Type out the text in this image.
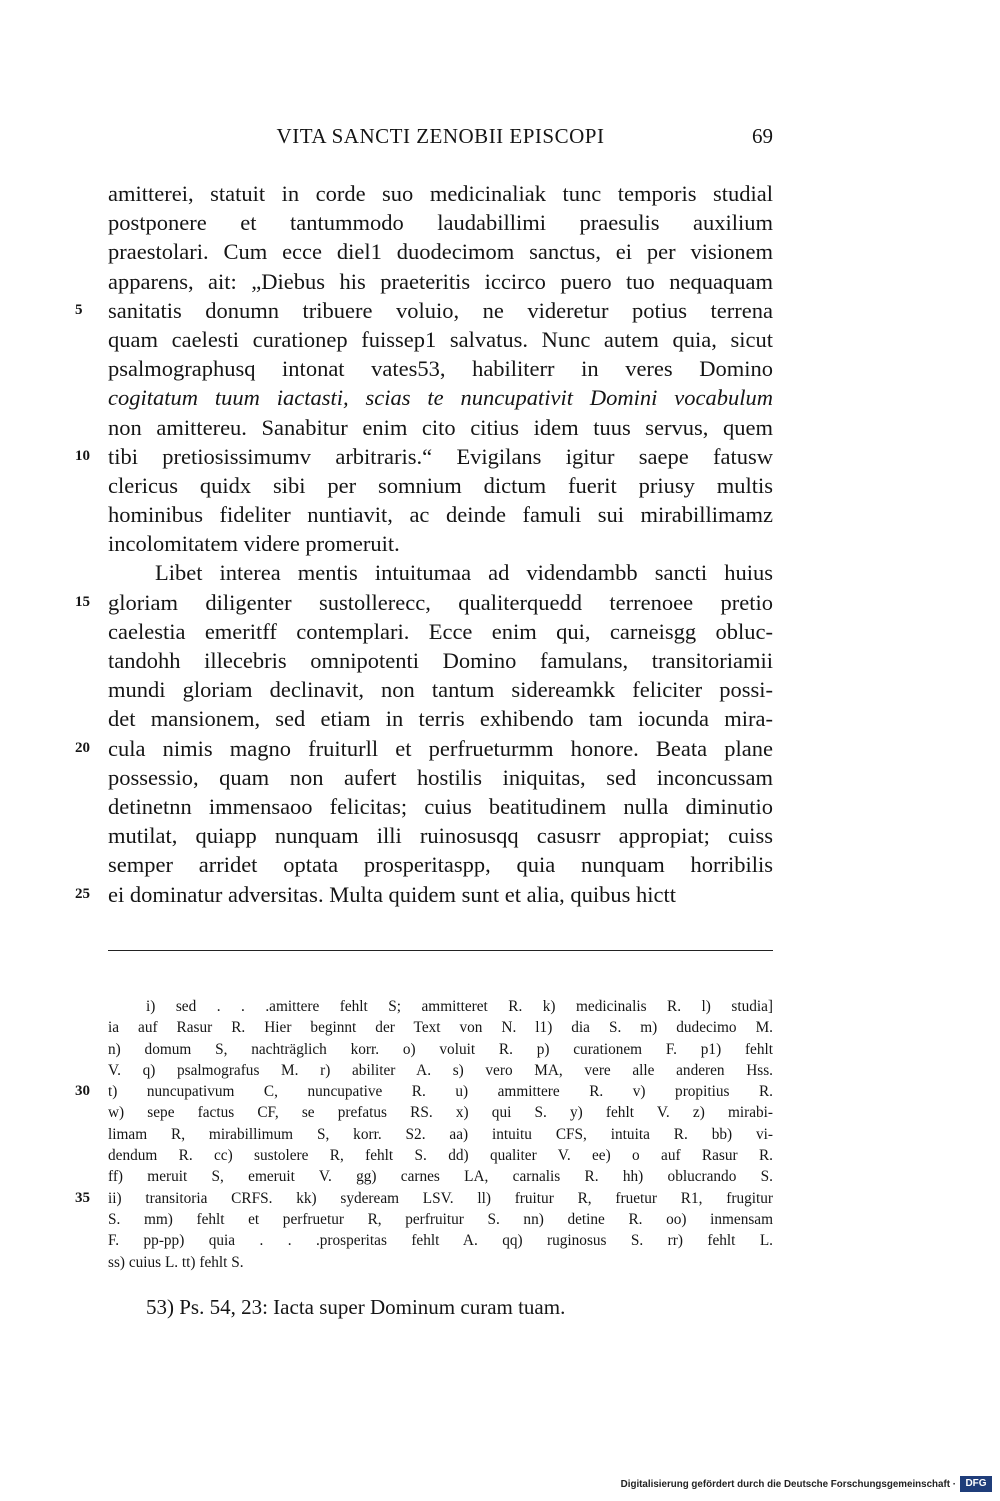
VITA SANCTI ZENOBII EPISCOPI	69
amitterei, statuit in corde suo medicinaliak tunc temporis studial
postponere et tantummodo laudabillimi praesulis auxilium
praestolari. Cum ecce diel1 duodecimom sanctus, ei per visionem
apparens, ait: „Diebus his praeteritis iccirco puero tuo nequaquam
5 sanitatis donumn tribuere voluio, ne videretur potius terrena
quam caelesti curationep fuissep1 salvatus. Nunc autem quia, sicut
psalmographusq intonat vates53, habiliterr in veres Domino
cogitatum tuum iactasti, scias te nuncupativit Domini vocabulum
non amittereu. Sanabitur enim cito citius idem tuus servus, quem
10 tibi pretiosissimumv arbitraris.“ Evigilans igitur saepe fatusw
clericus quidx sibi per somnium dictum fuerit priusy multis
hominibus fideliter nuntiavit, ac deinde famuli sui mirabillimamz
incolomitatem videre promeruit.
Libet interea mentis intuitumaa ad videndambb sancti huius
15 gloriam diligenter sustollerecc, qualiterquedd terrenoee pretio
caelestia emeritff contemplari. Ecce enim qui, carneisgg obluc-
tandohh illecebris omnipotenti Domino famulans, transitoriamii
mundi gloriam declinavit, non tantum sidereamkk feliciter possi-
det mansionem, sed etiam in terris exhibendo tam iocunda mira-
20 cula nimis magno fruiturll et perfrueturmm honore. Beata plane
possessio, quam non aufert hostilis iniquitas, sed inconcussam
detinetnn immensaoo felicitas; cuius beatitudinem nulla diminutio
mutilat, quiapp nunquam illi ruinosusqq casusrr appropiat; cuiss
semper arridet optata prosperitaspp, quia nunquam horribilis
25 ei dominatur adversitas. Multa quidem sunt et alia, quibus hictt
i) sed . . .amittere fehlt S; ammitteret R. k) medicinalis R. l) studia]
ia auf Rasur R. Hier beginnt der Text von N. l1) dia S. m) dudecimo M.
n) domum S, nachträglich korr. o) voluit R. p) curationem F. p1) fehlt
V. q) psalmografus M. r) abiliter A. s) vero MA, vere alle anderen Hss.
30 t) nuncupativum C, nuncupative R. u) ammittere R. v) propitius R.
w) sepe factus CF, se prefatus RS. x) qui S. y) fehlt V. z) mirabi-
limam R, mirabillimum S, korr. S2. aa) intuitu CFS, intuita R. bb) vi-
dendum R. cc) sustolere R, fehlt S. dd) qualiter V. ee) o auf Rasur R.
ff) meruit S, emeruit V. gg) carnes LA, carnalis R. hh) oblucrando S.
35 ii) transitoria CRFS. kk) sydeream LSV. ll) fruitur R, fruetur R1, frugitur
S. mm) fehlt et perfruetur R, perfruitur S. nn) detine R. oo) inmensam
F. pp-pp) quia . . .prosperitas fehlt A. qq) ruginosus S. rr) fehlt L.
ss) cuius L. tt) fehlt S.
53) Ps. 54, 23: Iacta super Dominum curam tuam.
Digitalisierung gefördert durch die Deutsche Forschungsgemeinschaft · DFG
